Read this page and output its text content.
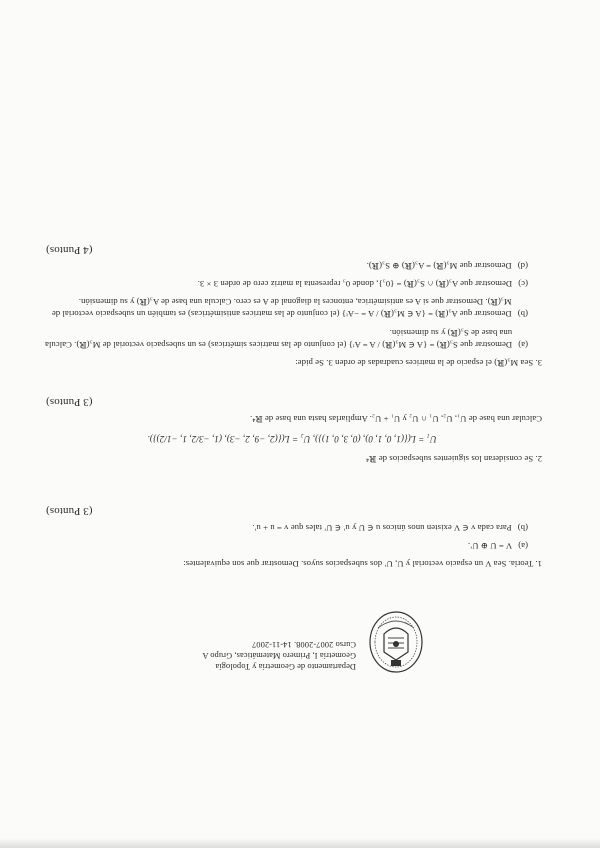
Departamento de Geometría y Topología
Geometría I, Primero Matemáticas, Grupo A
Curso 2007-2008. 14-11-2007

1. Teoría. Sea V un espacio vectorial y U, U′ dos subespacios suyos. Demostrar que son equivalentes:

(a)
V = U ⊕ U′.

(b)
Para cada v ∈ V existen unos únicos u ∈ U y u′ ∈ U′ tales que v = u + u′.

(3 Puntos)

2. Se consideran los siguientes subespacios de ℝ⁴

U₁ = L({(1, 0, 1, 0), (0, 3, 0, 1)}), U₂ = L({(2, −9, 2, −3), (1, −3/2, 1, −1/2)}).

Calcular una base de U₁, U₂, U₁ ∩ U₂ y U₁ + U₂. Ampliarlas hasta una base de ℝ⁴.

(3 Puntos)

3. Sea M₃(ℝ) el espacio de la matrices cuadradas de orden 3. Se pide:

(a)
Demostrar que S₃(ℝ) = {A ∈ M₃(ℝ) / A = Aᵗ} (el conjunto de las matrices simétricas) es un subespacio vectorial de M₃(ℝ). Calcula una base de S₃(ℝ) y su dimensión.

(b)
Demostrar que A₃(ℝ) = {A ∈ M₃(ℝ) / A = −Aᵗ} (el conjunto de las matrices antisimétricas) es también un subespacio vectorial de M₃(ℝ). Demostrar que si A es antisimétrica, entonces la diagonal de A es cero. Calcula una base de A₃(ℝ) y su dimensión.

(c)
Demostrar que A₃(ℝ) ∩ S₃(ℝ) = {0₃}, donde 0₃ representa la matriz cero de orden 3 × 3.

(d)
Demostrar que M₃(ℝ) = A₃(ℝ) ⊕ S₃(ℝ).

(4 Puntos)
